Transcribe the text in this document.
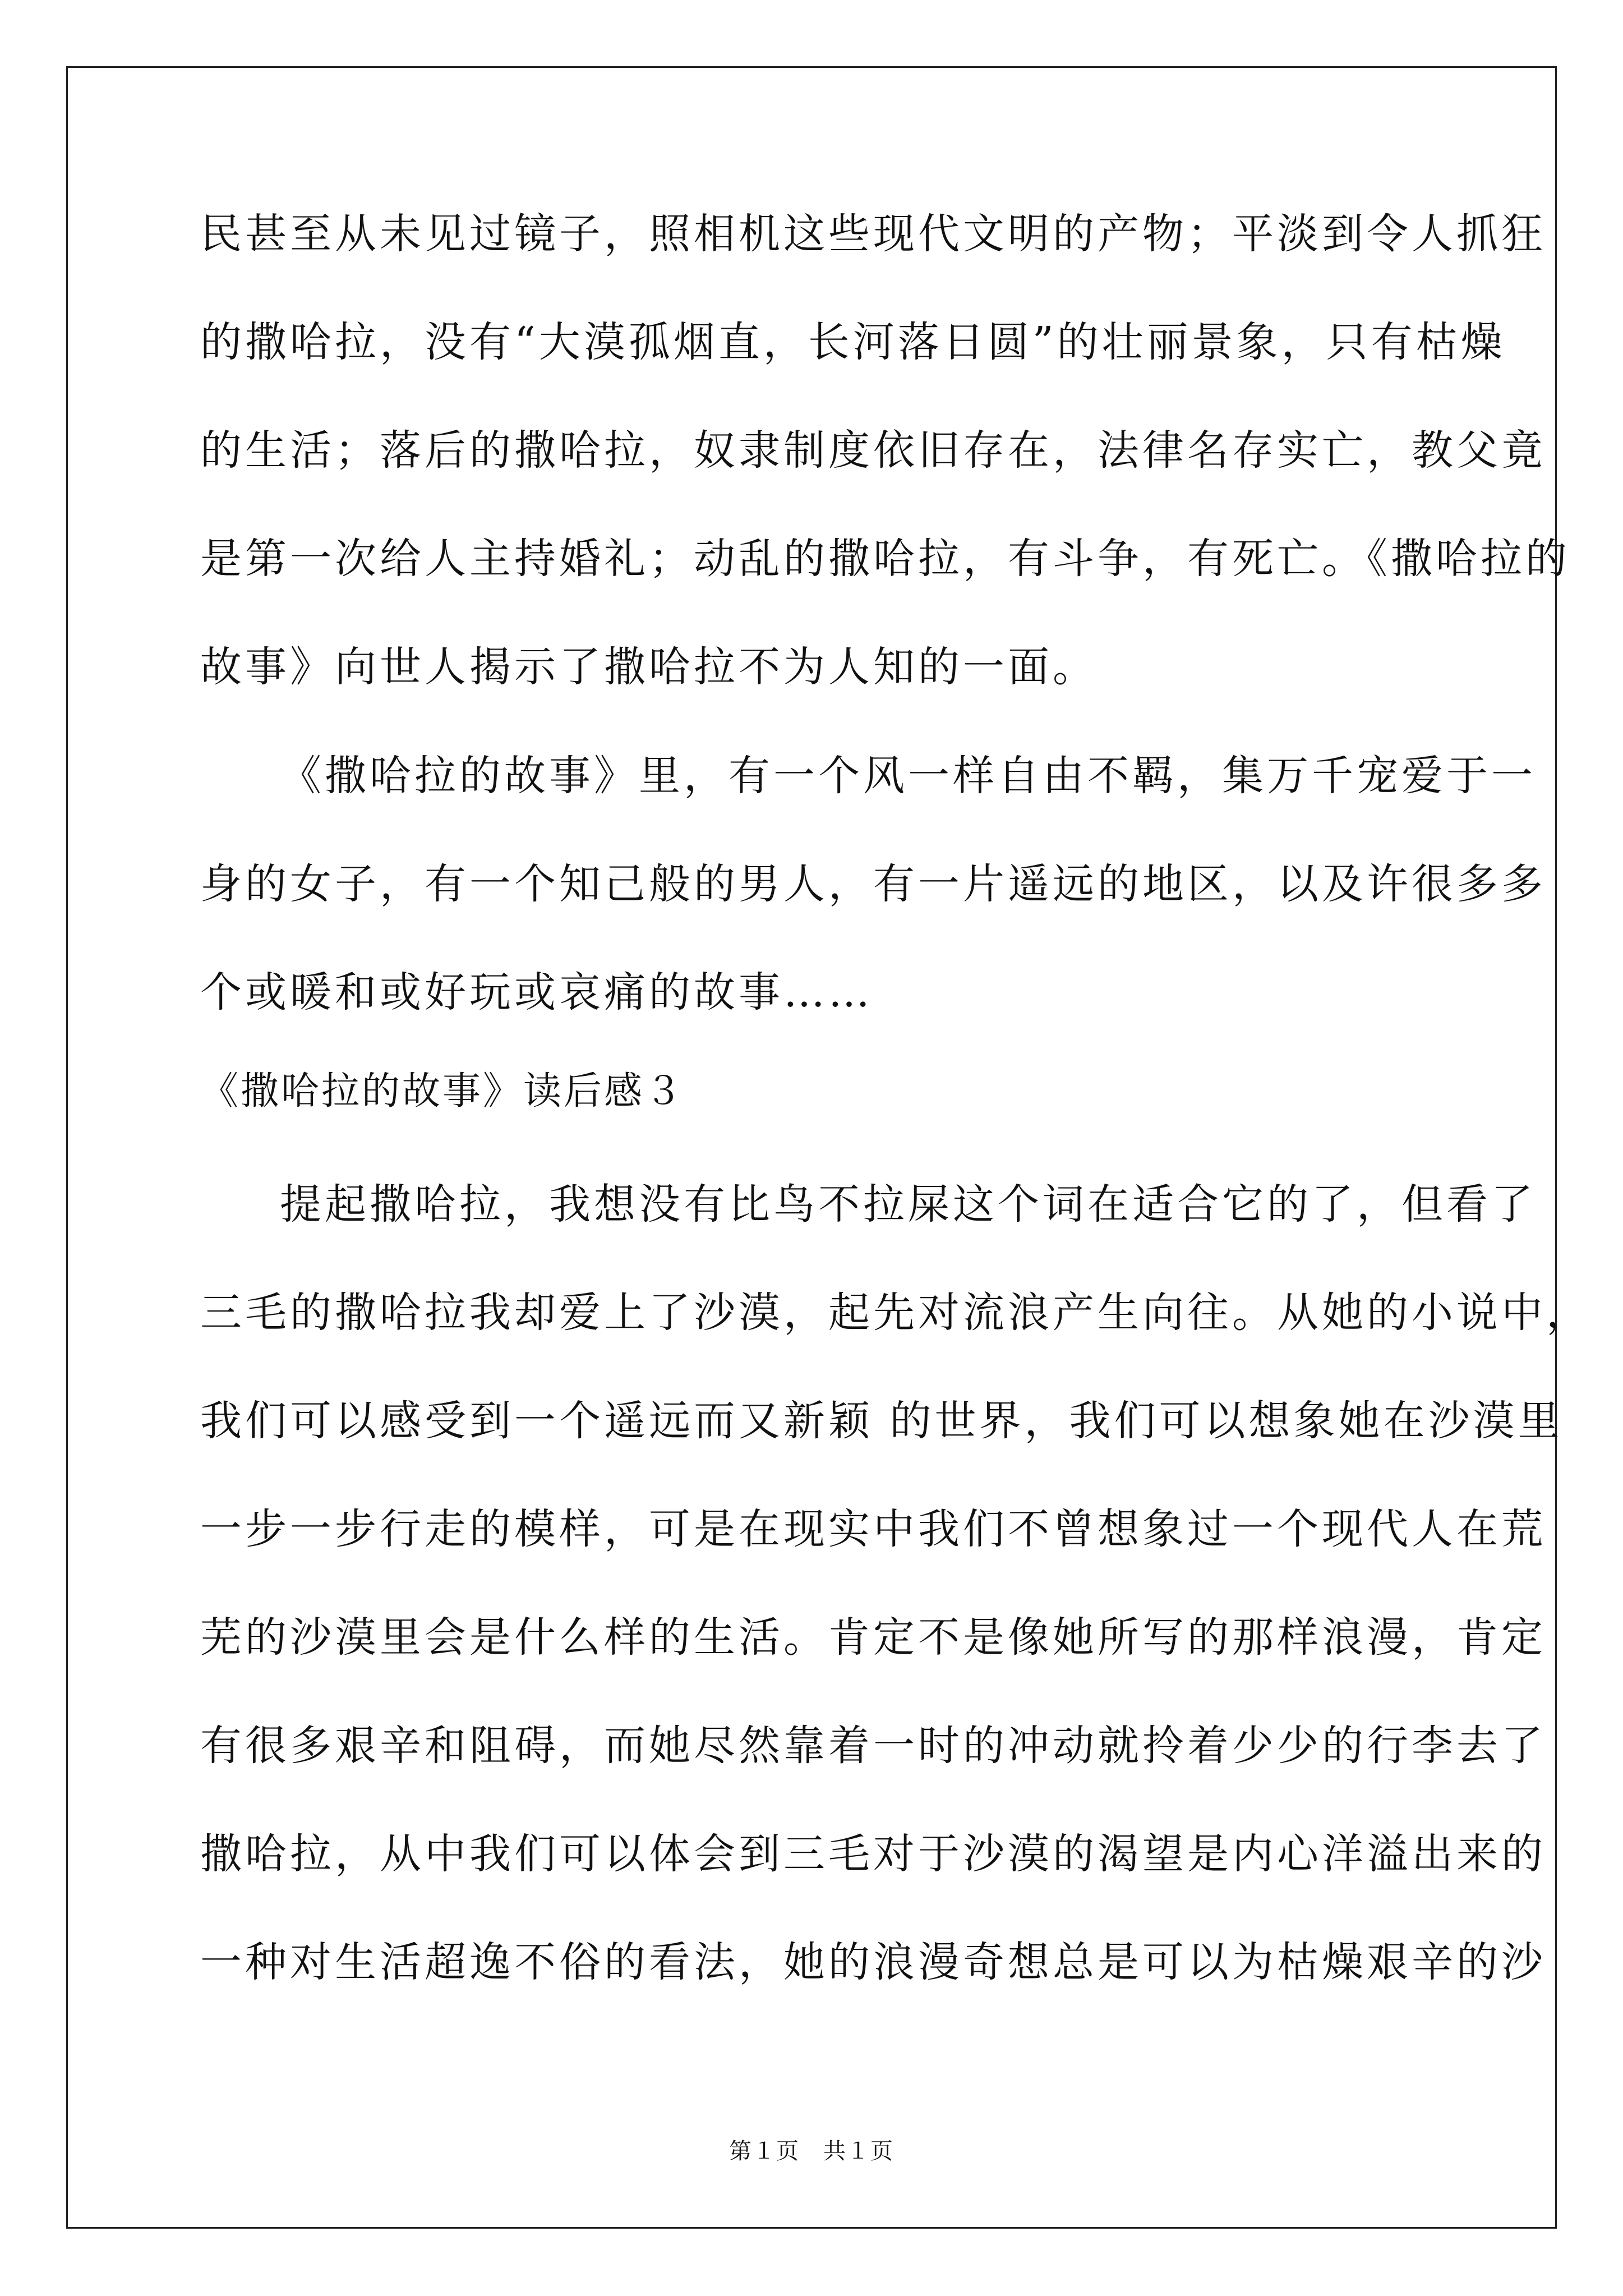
民甚至从未见过镜子，照相机这些现代文明的产物；平淡到令人抓狂
的撒哈拉，没有“大漠孤烟直，长河落日圆”的壮丽景象，只有枯燥
的生活；落后的撒哈拉，奴隶制度依旧存在，法律名存实亡，教父竟
是第一次给人主持婚礼；动乱的撒哈拉，有斗争，有死亡。《撒哈拉的
故事》向世人揭示了撒哈拉不为人知的一面。
《撒哈拉的故事》里，有一个风一样自由不羁，集万千宠爱于一
身的女子，有一个知己般的男人，有一片遥远的地区，以及许很多多
个或暖和或好玩或哀痛的故事……
《撒哈拉的故事》读后感３
提起撒哈拉，我想没有比鸟不拉屎这个词在适合它的了，但看了
三毛的撒哈拉我却爱上了沙漠，起先对流浪产生向往。从她的小说中，
我们可以感受到一个遥远而又新颖 的世界，我们可以想象她在沙漠里
一步一步行走的模样，可是在现实中我们不曾想象过一个现代人在荒
芜的沙漠里会是什么样的生活。肯定不是像她所写的那样浪漫，肯定
有很多艰辛和阻碍，而她尽然靠着一时的冲动就拎着少少的行李去了
撒哈拉，从中我们可以体会到三毛对于沙漠的渴望是内心洋溢出来的
一种对生活超逸不俗的看法，她的浪漫奇想总是可以为枯燥艰辛的沙
第１页　共１页
